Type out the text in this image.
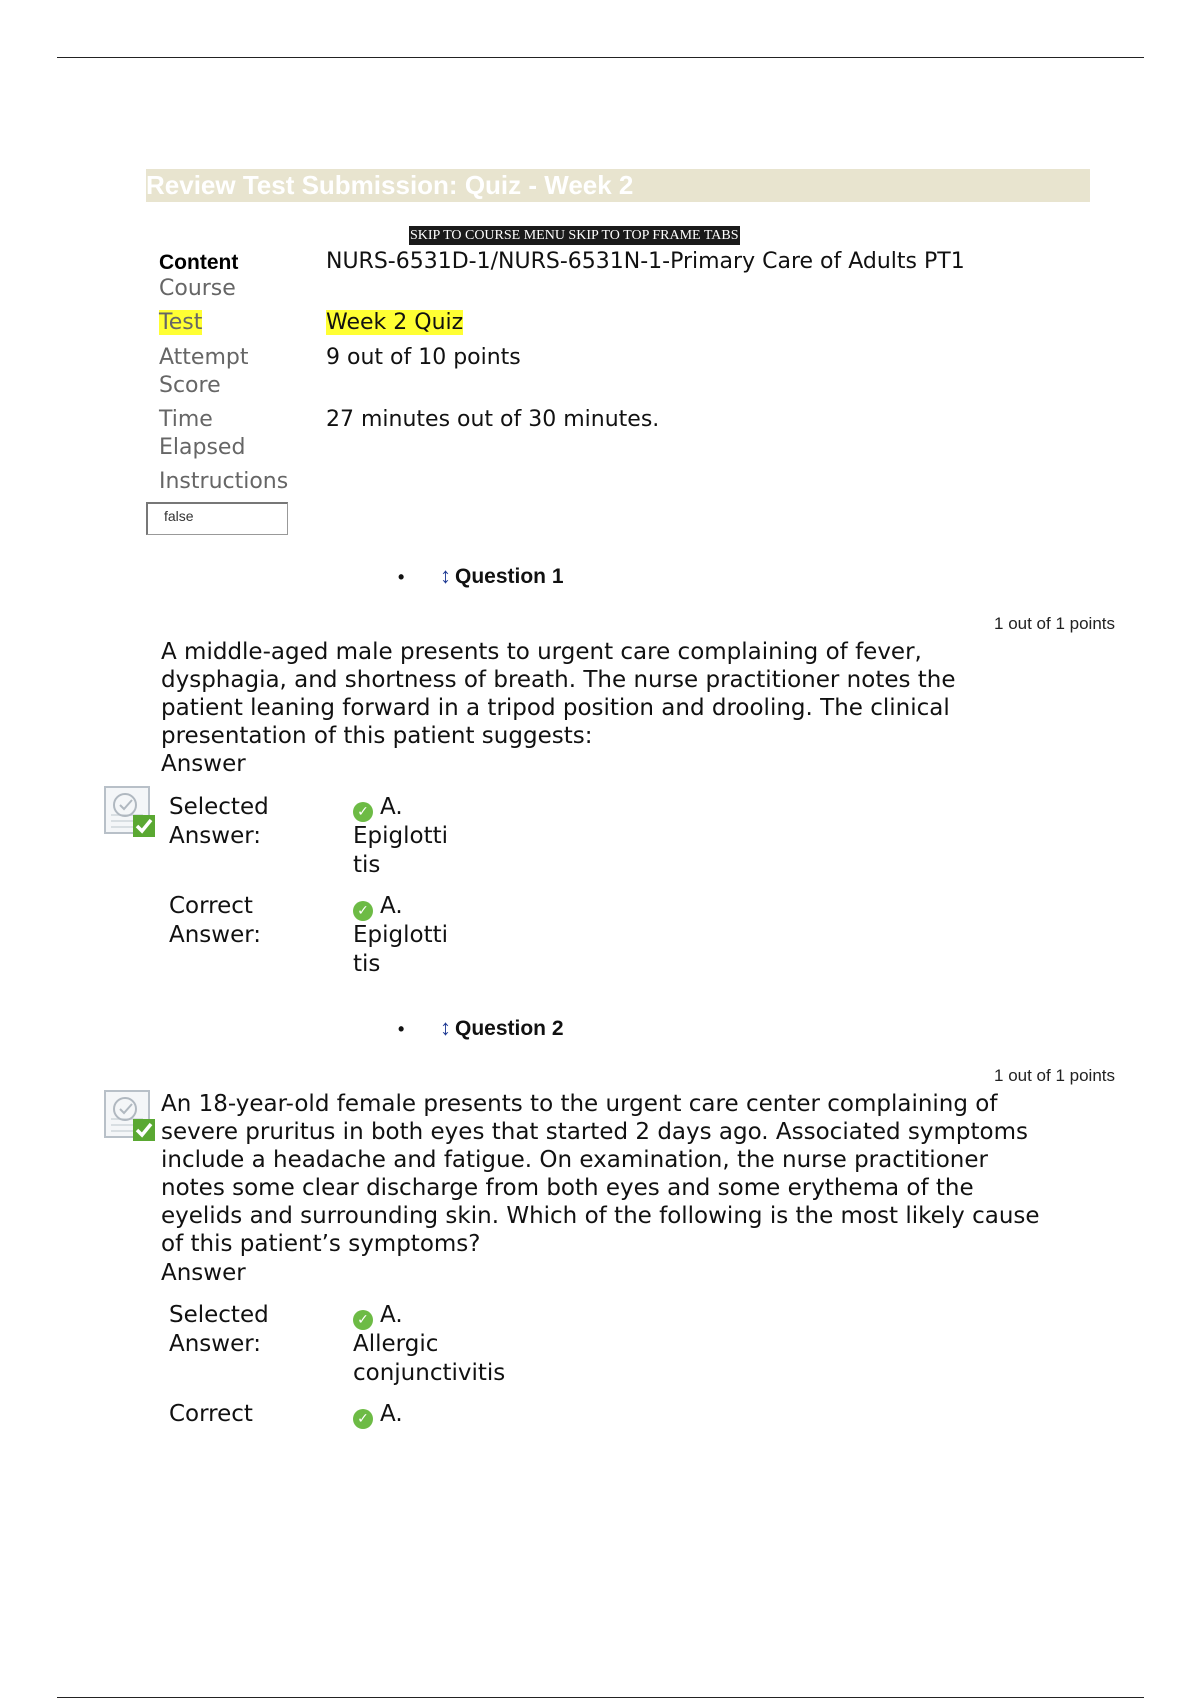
Review Test Submission: Quiz - Week 2
SKIP TO COURSE MENU SKIP TO TOP FRAME TABS
Content
Course
NURS-6531D-1/NURS-6531N-1-Primary Care of Adults PT1
Test	Week 2 Quiz
Attempt
Score
9 out of 10 points
Time
Elapsed
27 minutes out of 30 minutes.
Instructions
false
• ↕ Question 1
1 out of 1 points
A middle-aged male presents to urgent care complaining of fever, dysphagia, and shortness of breath. The nurse practitioner notes the patient leaning forward in a tripod position and drooling. The clinical presentation of this patient suggests:
Answer
Selected
Answer:
✓ A.
Epiglotti
tis
Correct
Answer:
✓ A.
Epiglotti
tis
• ↕ Question 2
1 out of 1 points
An 18-year-old female presents to the urgent care center complaining of severe pruritus in both eyes that started 2 days ago. Associated symptoms include a headache and fatigue. On examination, the nurse practitioner notes some clear discharge from both eyes and some erythema of the eyelids and surrounding skin. Which of the following is the most likely cause of this patient’s symptoms?
Answer
Selected
Answer:
✓ A.
Allergic
conjunctivitis
Correct	✓ A.
